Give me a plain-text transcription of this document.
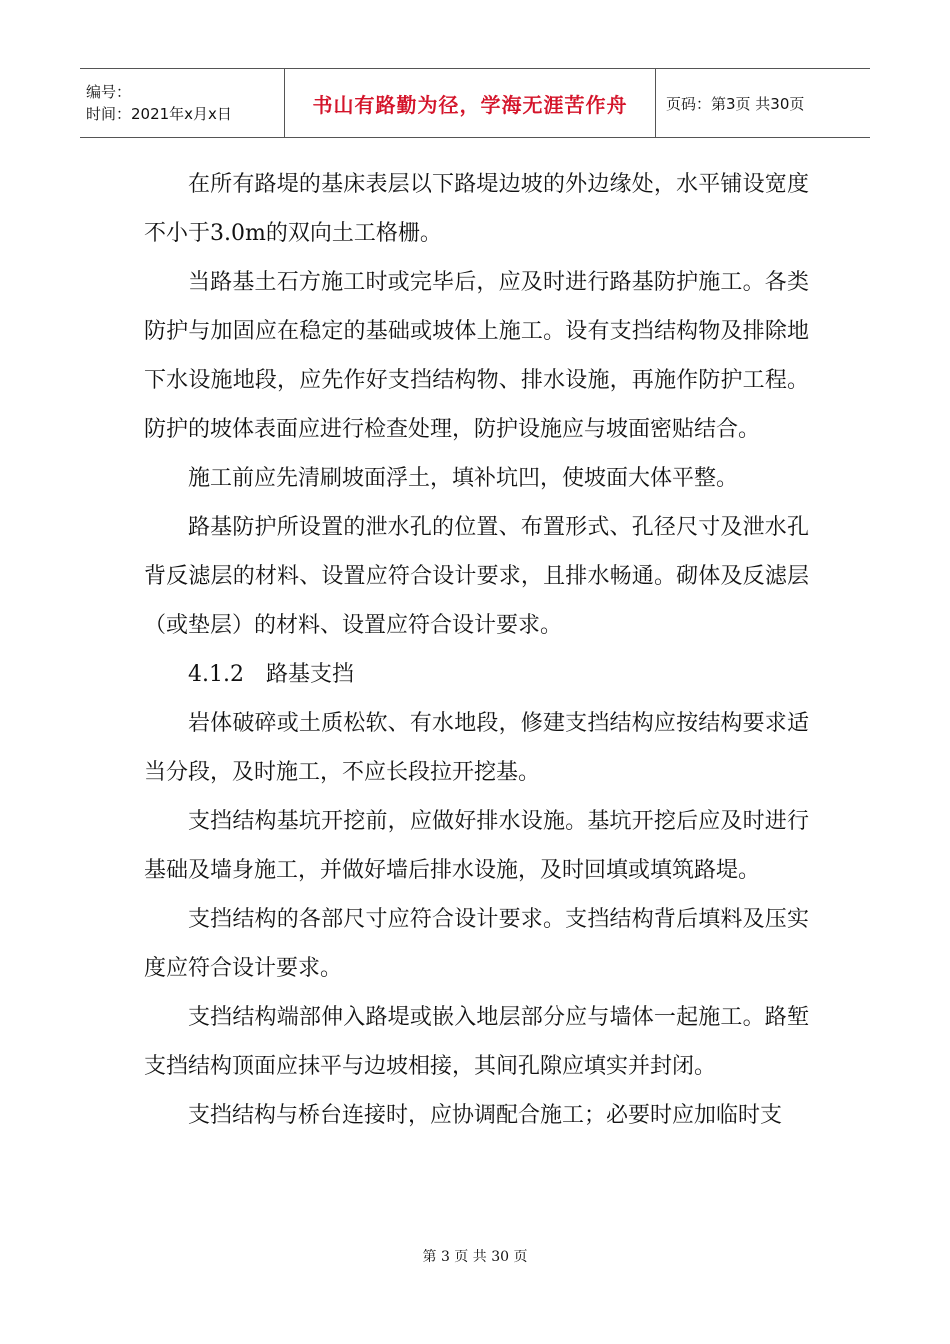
编号：
时间：2021年x月x日	书山有路勤为径，学海无涯苦作舟	页码：第3页 共30页

在所有路堤的基床表层以下路堤边坡的外边缘处，水平铺设宽度不小于3.0m的双向土工格栅。

当路基土石方施工时或完毕后，应及时进行路基防护施工。各类防护与加固应在稳定的基础或坡体上施工。设有支挡结构物及排除地下水设施地段，应先作好支挡结构物、排水设施，再施作防护工程。防护的坡体表面应进行检查处理，防护设施应与坡面密贴结合。

施工前应先清刷坡面浮土，填补坑凹，使坡面大体平整。

路基防护所设置的泄水孔的位置、布置形式、孔径尺寸及泄水孔背反滤层的材料、设置应符合设计要求，且排水畅通。砌体及反滤层（或垫层）的材料、设置应符合设计要求。

4.1.2　路基支挡

岩体破碎或土质松软、有水地段，修建支挡结构应按结构要求适当分段，及时施工，不应长段拉开挖基。

支挡结构基坑开挖前，应做好排水设施。基坑开挖后应及时进行基础及墙身施工，并做好墙后排水设施，及时回填或填筑路堤。

支挡结构的各部尺寸应符合设计要求。支挡结构背后填料及压实度应符合设计要求。

支挡结构端部伸入路堤或嵌入地层部分应与墙体一起施工。路堑支挡结构顶面应抹平与边坡相接，其间孔隙应填实并封闭。

支挡结构与桥台连接时，应协调配合施工；必要时应加临时支

第 3 页 共 30 页
